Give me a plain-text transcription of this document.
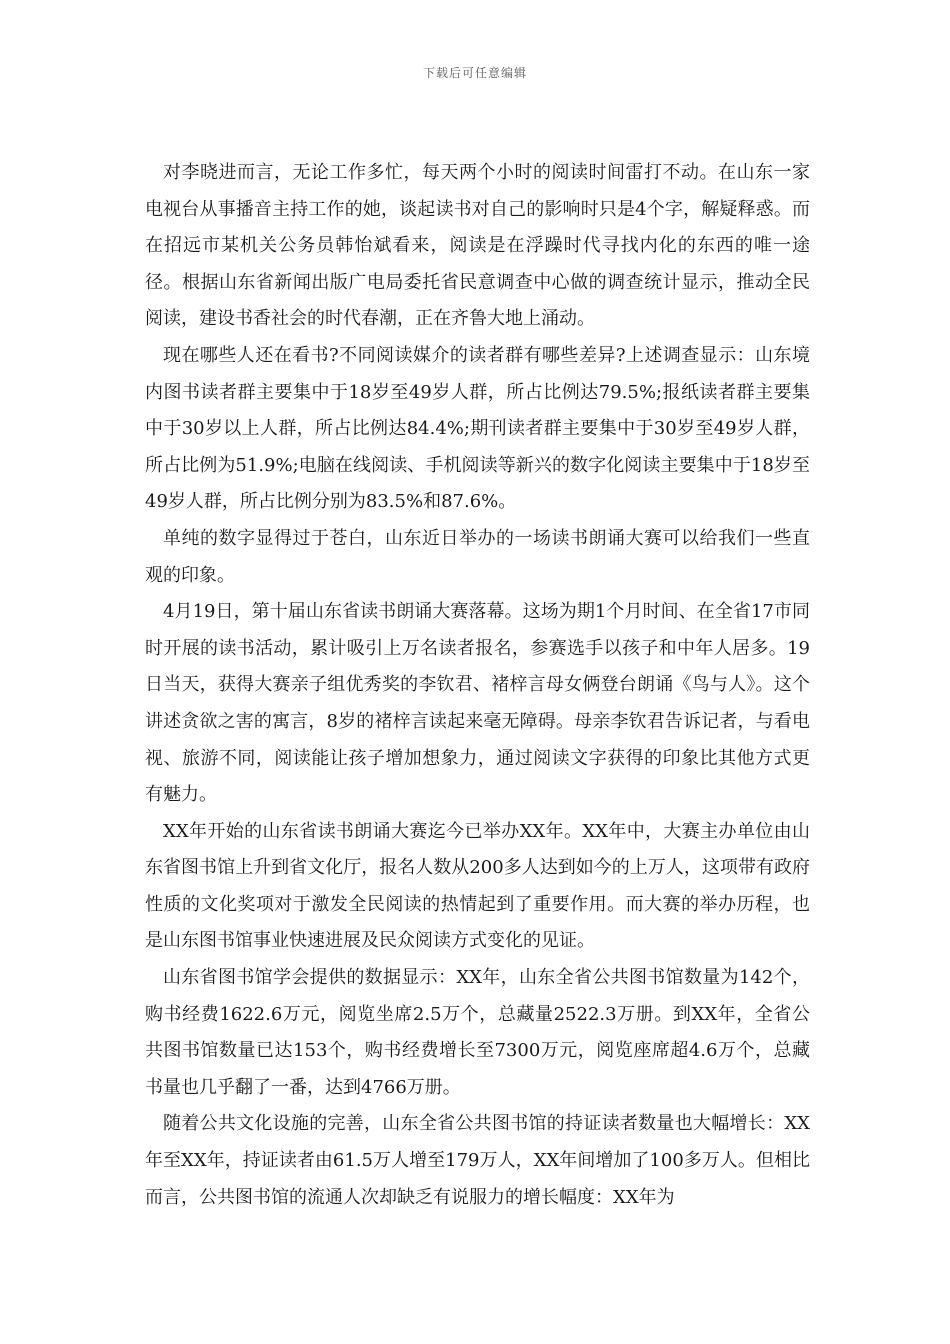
下载后可任意编辑

对李晓进而言，无论工作多忙，每天两个小时的阅读时间雷打不动。在山东一家电视台从事播音主持工作的她，谈起读书对自己的影响时只是4个字，解疑释惑。而在招远市某机关公务员韩怡斌看来，阅读是在浮躁时代寻找内化的东西的唯一途径。根据山东省新闻出版广电局委托省民意调查中心做的调查统计显示，推动全民阅读，建设书香社会的时代春潮，正在齐鲁大地上涌动。

现在哪些人还在看书?不同阅读媒介的读者群有哪些差异?上述调查显示：山东境内图书读者群主要集中于18岁至49岁人群，所占比例达79.5%;报纸读者群主要集中于30岁以上人群，所占比例达84.4%;期刊读者群主要集中于30岁至49岁人群，所占比例为51.9%;电脑在线阅读、手机阅读等新兴的数字化阅读主要集中于18岁至49岁人群，所占比例分别为83.5%和87.6%。

单纯的数字显得过于苍白，山东近日举办的一场读书朗诵大赛可以给我们一些直观的印象。

4月19日，第十届山东省读书朗诵大赛落幕。这场为期1个月时间、在全省17市同时开展的读书活动，累计吸引上万名读者报名，参赛选手以孩子和中年人居多。19日当天，获得大赛亲子组优秀奖的李钦君、褚梓言母女俩登台朗诵《鸟与人》。这个讲述贪欲之害的寓言，8岁的褚梓言读起来毫无障碍。母亲李钦君告诉记者，与看电视、旅游不同，阅读能让孩子增加想象力，通过阅读文字获得的印象比其他方式更有魅力。

XX年开始的山东省读书朗诵大赛迄今已举办XX年。XX年中，大赛主办单位由山东省图书馆上升到省文化厅，报名人数从200多人达到如今的上万人，这项带有政府性质的文化奖项对于激发全民阅读的热情起到了重要作用。而大赛的举办历程，也是山东图书馆事业快速进展及民众阅读方式变化的见证。

山东省图书馆学会提供的数据显示：XX年，山东全省公共图书馆数量为142个，购书经费1622.6万元，阅览坐席2.5万个，总藏量2522.3万册。到XX年，全省公共图书馆数量已达153个，购书经费增长至7300万元，阅览座席超4.6万个，总藏书量也几乎翻了一番，达到4766万册。

随着公共文化设施的完善，山东全省公共图书馆的持证读者数量也大幅增长：XX年至XX年，持证读者由61.5万人增至179万人，XX年间增加了100多万人。但相比而言，公共图书馆的流通人次却缺乏有说服力的增长幅度：XX年为
